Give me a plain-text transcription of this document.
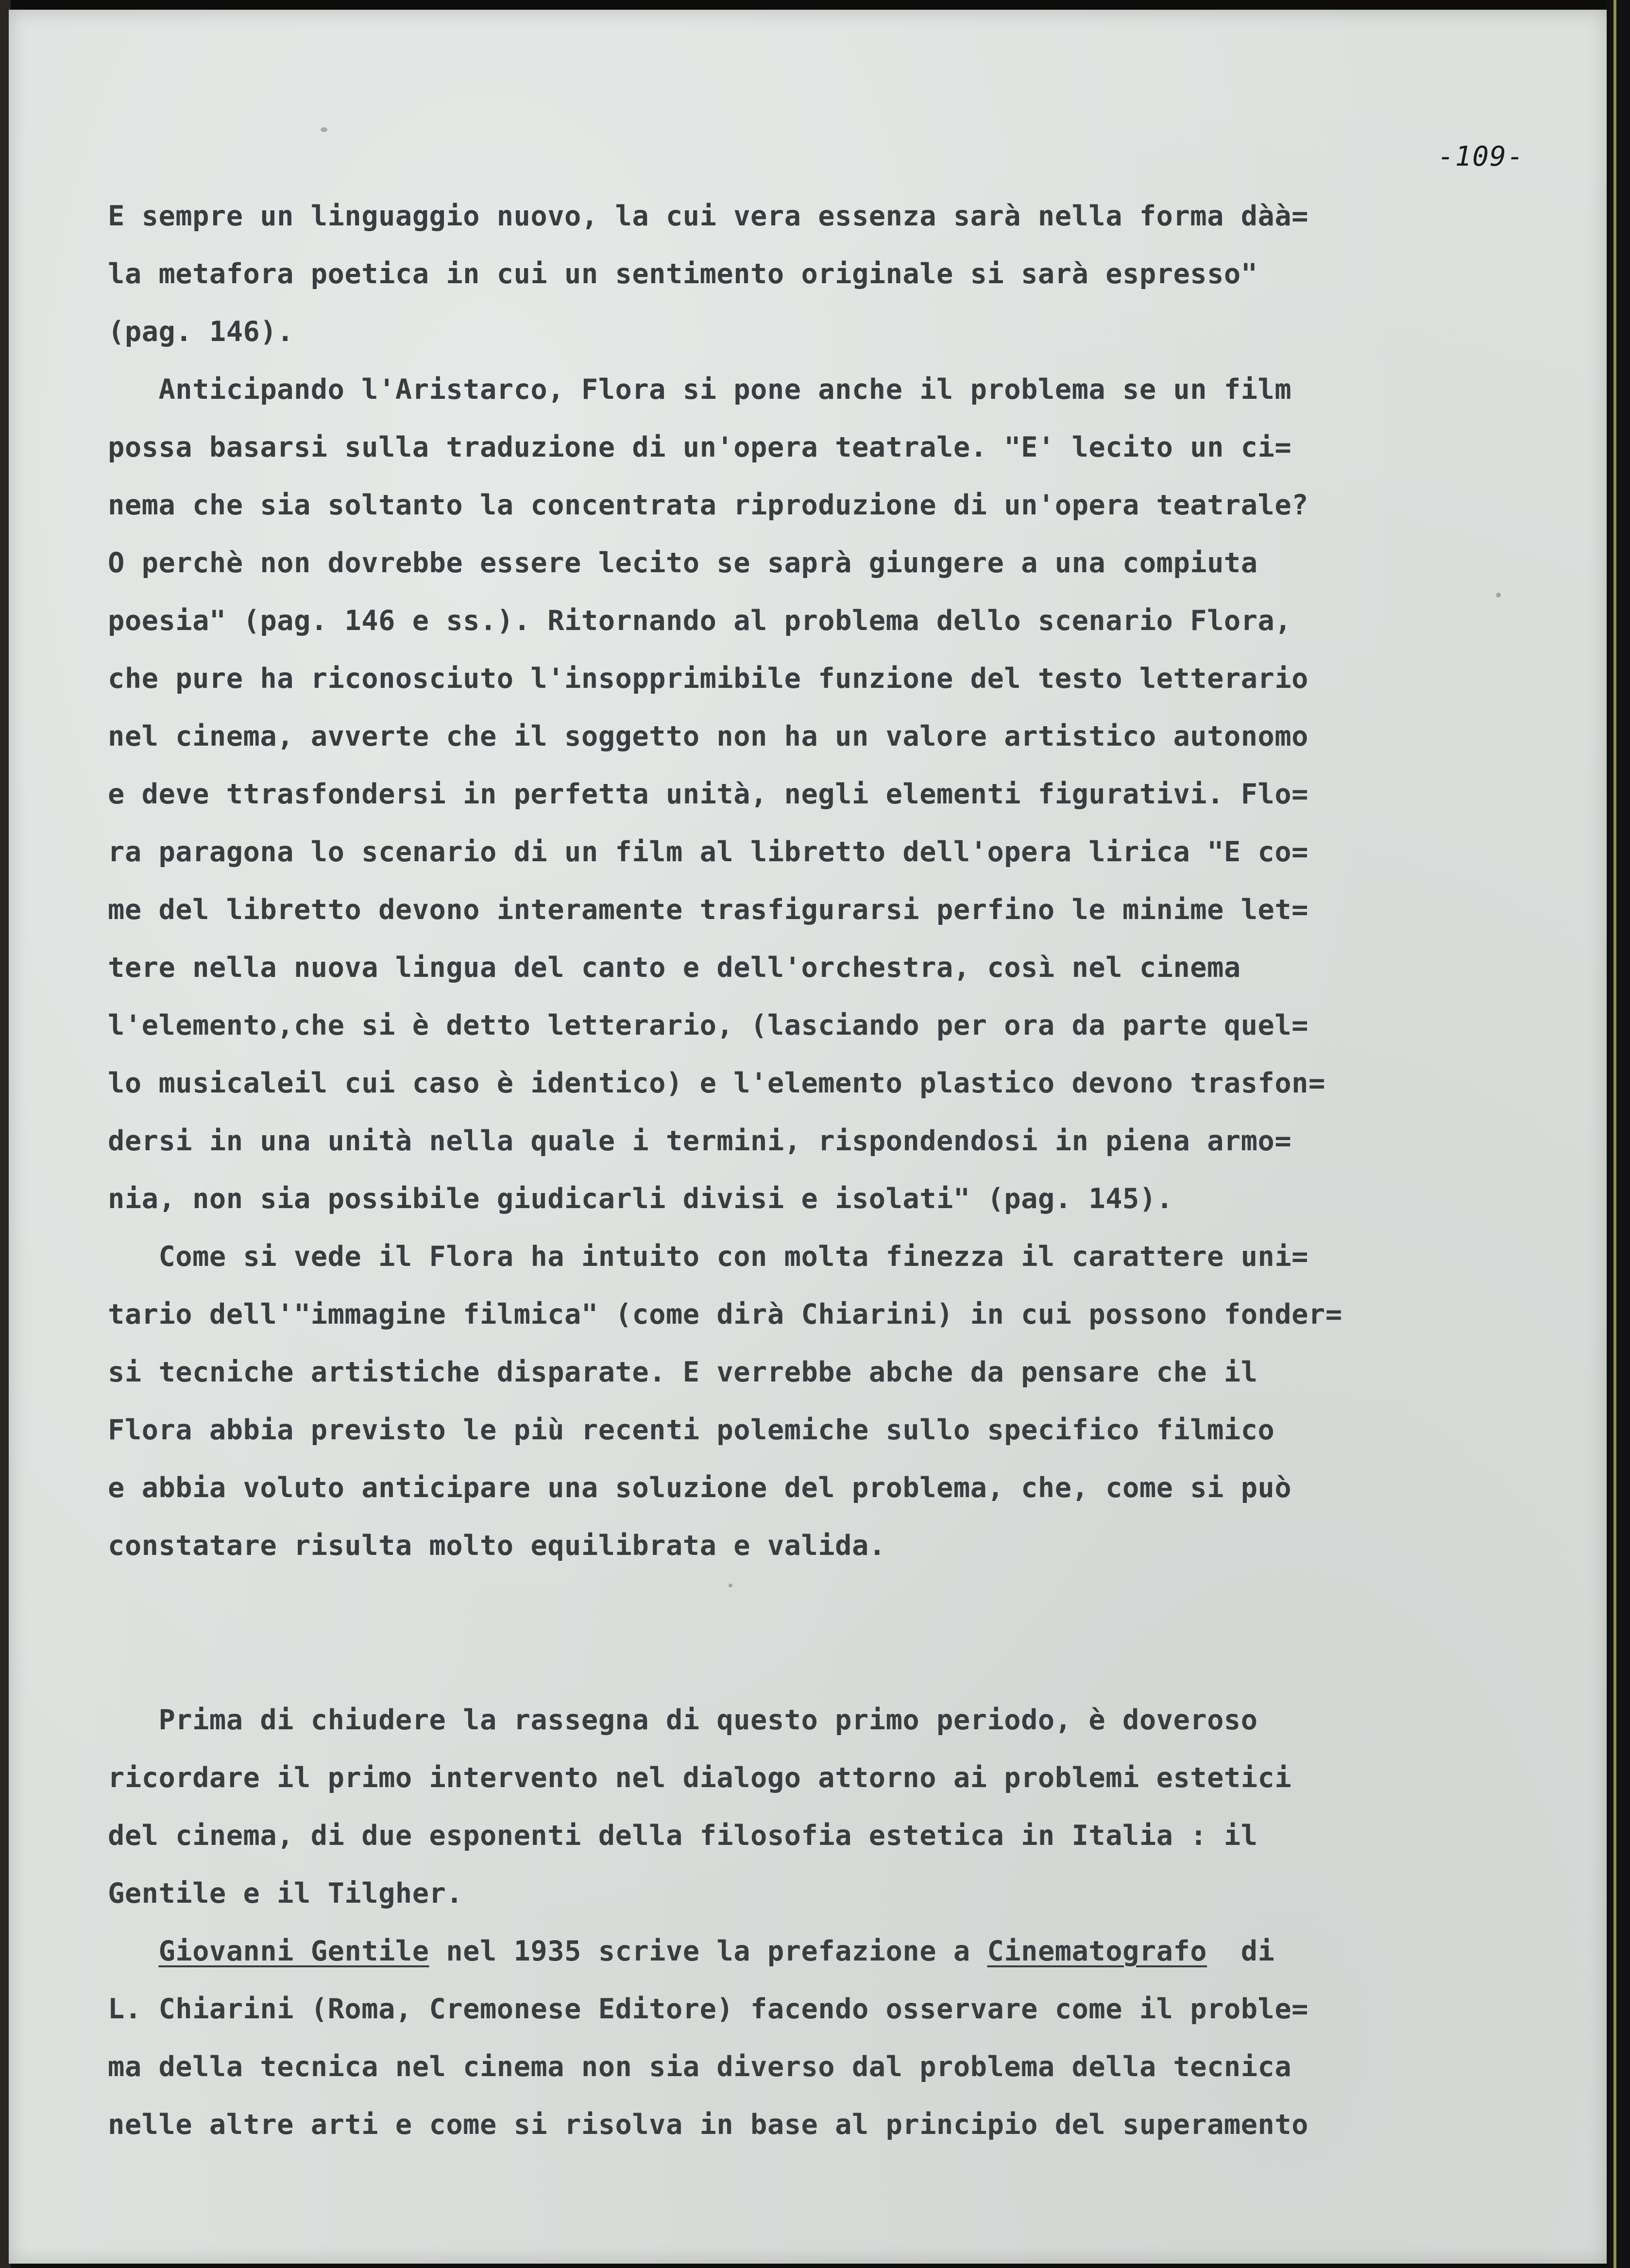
-109-
E sempre un linguaggio nuovo, la cui vera essenza sarà nella forma dàà=
la metafora poetica in cui un sentimento originale si sarà espresso"
(pag. 146).
Anticipando l'Aristarco, Flora si pone anche il problema se un film
possa basarsi sulla traduzione di un'opera teatrale. "E' lecito un ci=
nema che sia soltanto la concentrata riproduzione di un'opera teatrale?
O perchè non dovrebbe essere lecito se saprà giungere a una compiuta
poesia" (pag. 146 e ss.). Ritornando al problema dello scenario Flora,
che pure ha riconosciuto l'insopprimibile funzione del testo letterario
nel cinema, avverte che il soggetto non ha un valore artistico autonomo
e deve ttrasfondersi in perfetta unità, negli elementi figurativi. Flo=
ra paragona lo scenario di un film al libretto dell'opera lirica "E co=
me del libretto devono interamente trasfigurarsi perfino le minime let=
tere nella nuova lingua del canto e dell'orchestra, così nel cinema
l'elemento,che si è detto letterario, (lasciando per ora da parte quel=
lo musicaleil cui caso è identico) e l'elemento plastico devono trasfon=
dersi in una unità nella quale i termini, rispondendosi in piena armo=
nia, non sia possibile giudicarli divisi e isolati" (pag. 145).
Come si vede il Flora ha intuito con molta finezza il carattere uni=
tario dell'"immagine filmica" (come dirà Chiarini) in cui possono fonder=
si tecniche artistiche disparate. E verrebbe abche da pensare che il
Flora abbia previsto le più recenti polemiche sullo specifico filmico
e abbia voluto anticipare una soluzione del problema, che, come si può
constatare risulta molto equilibrata e valida.
Prima di chiudere la rassegna di questo primo periodo, è doveroso
ricordare il primo intervento nel dialogo attorno ai problemi estetici
del cinema, di due esponenti della filosofia estetica in Italia : il
Gentile e il Tilgher.
Giovanni Gentile nel 1935 scrive la prefazione a Cinematografo  di
L. Chiarini (Roma, Cremonese Editore) facendo osservare come il proble=
ma della tecnica nel cinema non sia diverso dal problema della tecnica
nelle altre arti e come si risolva in base al principio del superamento
